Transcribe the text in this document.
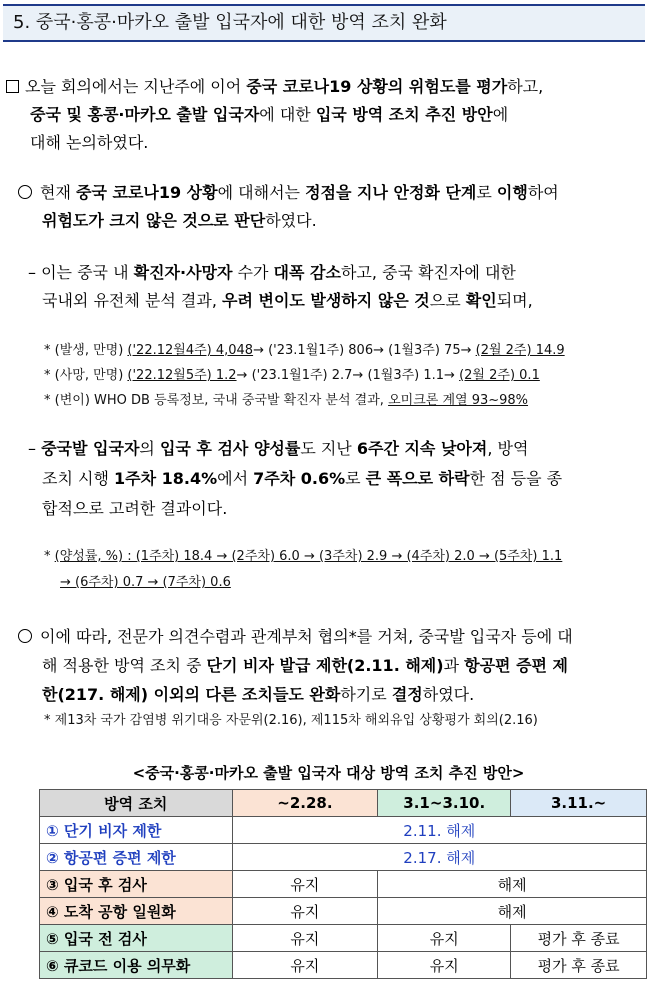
5. 중국·홍콩·마카오 출발 입국자에 대한 방역 조치 완화
오늘 회의에서는 지난주에 이어 중국 코로나19 상황의 위험도를 평가하고,
중국 및 홍콩·마카오 출발 입국자에 대한 입국 방역 조치 추진 방안에
대해 논의하였다.
현재 중국 코로나19 상황에 대해서는 정점을 지나 안정화 단계로 이행하여
위험도가 크지 않은 것으로 판단하였다.
– 이는 중국 내 확진자·사망자 수가 대폭 감소하고, 중국 확진자에 대한
국내외 유전체 분석 결과, 우려 변이도 발생하지 않은 것으로 확인되며,
* (발생, 만명) ('22.12월4주) 4,048→ ('23.1월1주) 806→ (1월3주) 75→ (2월 2주) 14.9
* (사망, 만명) ('22.12월5주) 1.2→ ('23.1월1주) 2.7→ (1월3주) 1.1→ (2월 2주) 0.1
* (변이) WHO DB 등록정보, 국내 중국발 확진자 분석 결과, 오미크론 계열 93~98%
– 중국발 입국자의 입국 후 검사 양성률도 지난 6주간 지속 낮아져, 방역
조치 시행 1주차 18.4%에서 7주차 0.6%로 큰 폭으로 하락한 점 등을 종
합적으로 고려한 결과이다.
* (양성률, %) : (1주차) 18.4 → (2주차) 6.0 → (3주차) 2.9 → (4주차) 2.0 → (5주차) 1.1
→ (6주차) 0.7 → (7주차) 0.6
이에 따라, 전문가 의견수렴과 관계부처 협의*를 거쳐, 중국발 입국자 등에 대
해 적용한 방역 조치 중 단기 비자 발급 제한(2.11. 해제)과 항공편 증편 제
한(217. 해제) 이외의 다른 조치들도 완화하기로 결정하였다.
* 제13차 국가 감염병 위기대응 자문위(2.16), 제115차 해외유입 상황평가 회의(2.16)
<중국·홍콩·마카오 출발 입국자 대상 방역 조치 추진 방안>
방역 조치	~2.28.	3.1~3.10.	3.11.~
① 단기 비자 제한	2.11. 해제		
② 항공편 증편 제한	2.17. 해제		
③ 입국 후 검사	유지	해제	
④ 도착 공항 일원화	유지	해제	
⑤ 입국 전 검사	유지	유지	평가 후 종료
⑥ 큐코드 이용 의무화	유지	유지	평가 후 종료
